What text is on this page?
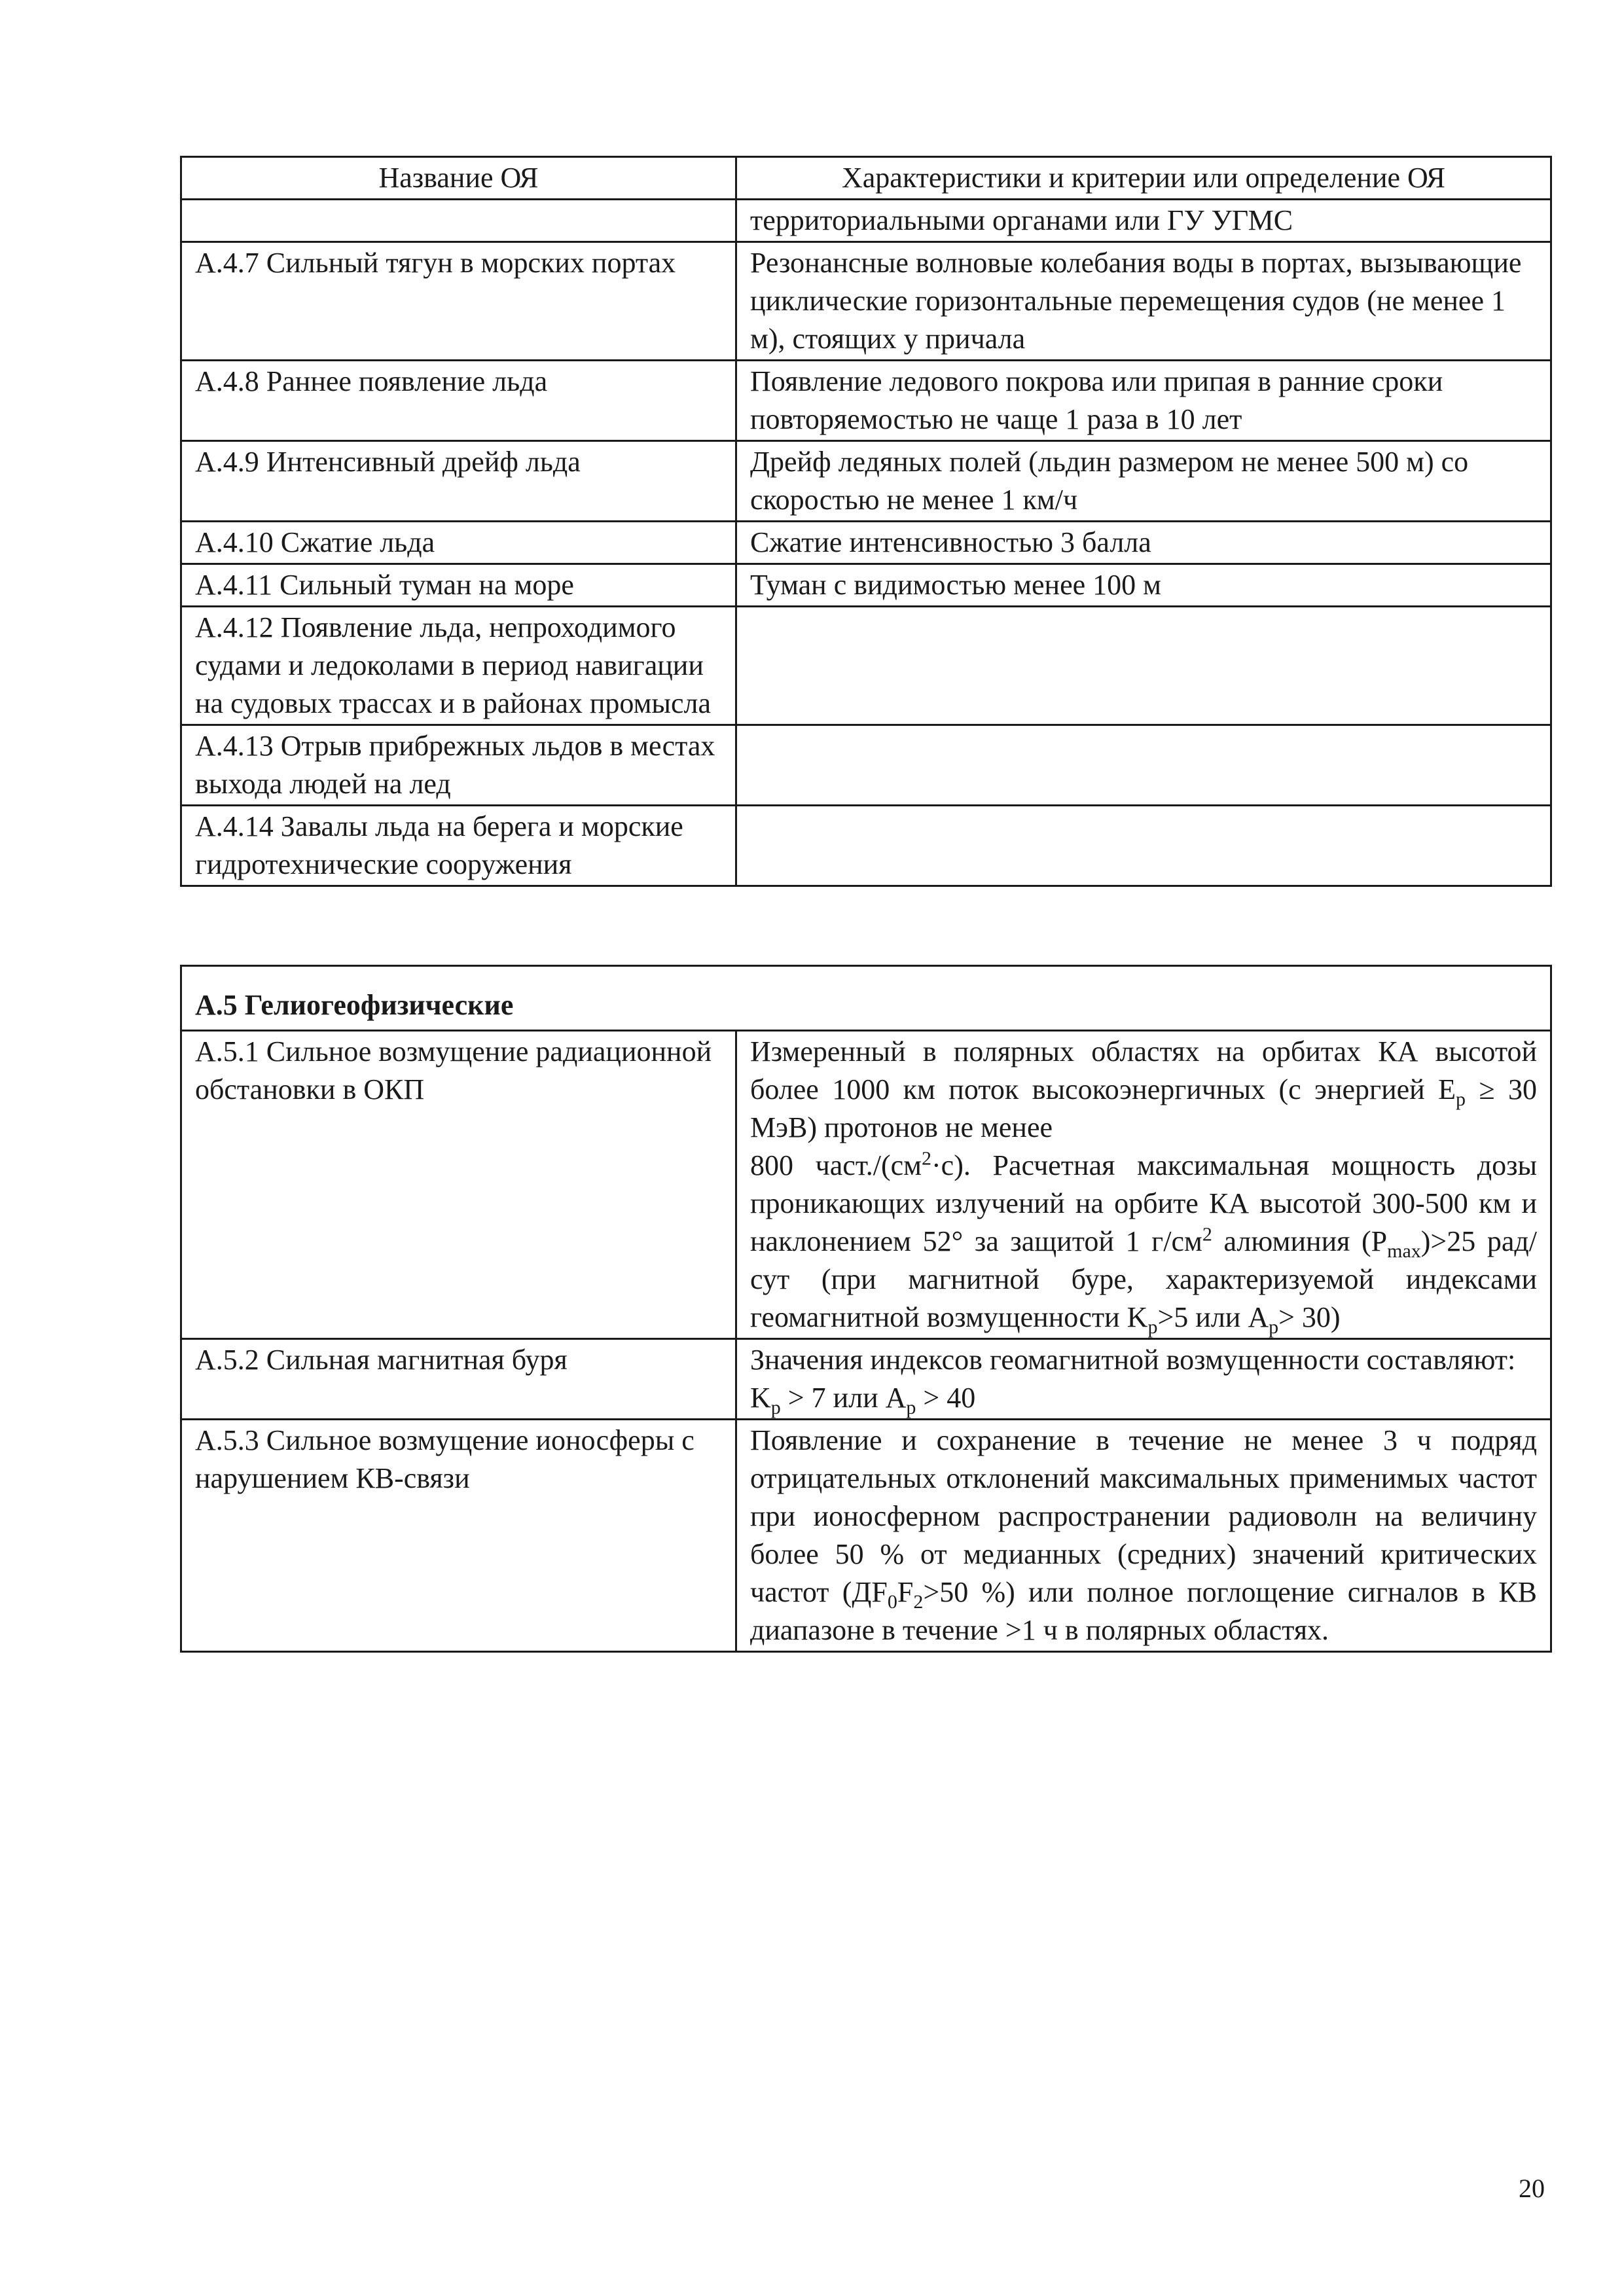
Название ОЯ	Характеристики и критерии или определение ОЯ
	территориальными органами или ГУ УГМС
А.4.7 Сильный тягун в морских портах	Резонансные волновые колебания воды в портах, вызывающие циклические горизонтальные перемещения судов (не менее 1 м), стоящих у причала
А.4.8 Раннее появление льда	Появление ледового покрова или припая в ранние сроки повторяемостью не чаще 1 раза в 10 лет
А.4.9 Интенсивный дрейф льда	Дрейф ледяных полей (льдин размером не менее 500 м) со скоростью не менее 1 км/ч
А.4.10 Сжатие льда	Сжатие интенсивностью 3 балла
А.4.11 Сильный туман на море	Туман с видимостью менее 100 м
А.4.12 Появление льда, непроходимого судами и ледоколами в период навигации на судовых трассах и в районах промысла	
А.4.13 Отрыв прибрежных льдов в местах выхода людей на лед	
А.4.14 Завалы льда на берега и морские гидротехнические сооружения	
А.5 Гелиогеофизические	
А.5.1 Сильное возмущение радиационной обстановки в ОКП	Измеренный в полярных областях на орбитах КА высотой более 1000 км поток высокоэнергичных (с энергией $E_p \ge 30$ МэВ) протонов не менее
800 $част./(см^2\cdot с)$. Расчетная максимальная мощность дозы проникающих излучений на орбите КА высотой 300-500 км и наклонением 52° за защитой 1 $г/см^2$ алюминия $(P_{max})>25$ рад/сут (при магнитной буре, характеризуемой индексами геомагнитной возмущенности $K_p>5$ или $A_p> 30$)
А.5.2 Сильная магнитная буря	Значения индексов геомагнитной возмущенности составляют:
$K_p > 7$ или $A_p > 40$
А.5.3 Сильное возмущение ионосферы с нарушением КВ-связи	Появление и сохранение в течение не менее 3 ч подряд отрицательных отклонений максимальных применимых частот при ионосферном распространении радиоволн на величину более 50 % от медианных (средних) значений критических частот ($ДF_0F_2>50$ %) или полное поглощение сигналов в КВ диапазоне в течение >1 ч в полярных областях.
20
